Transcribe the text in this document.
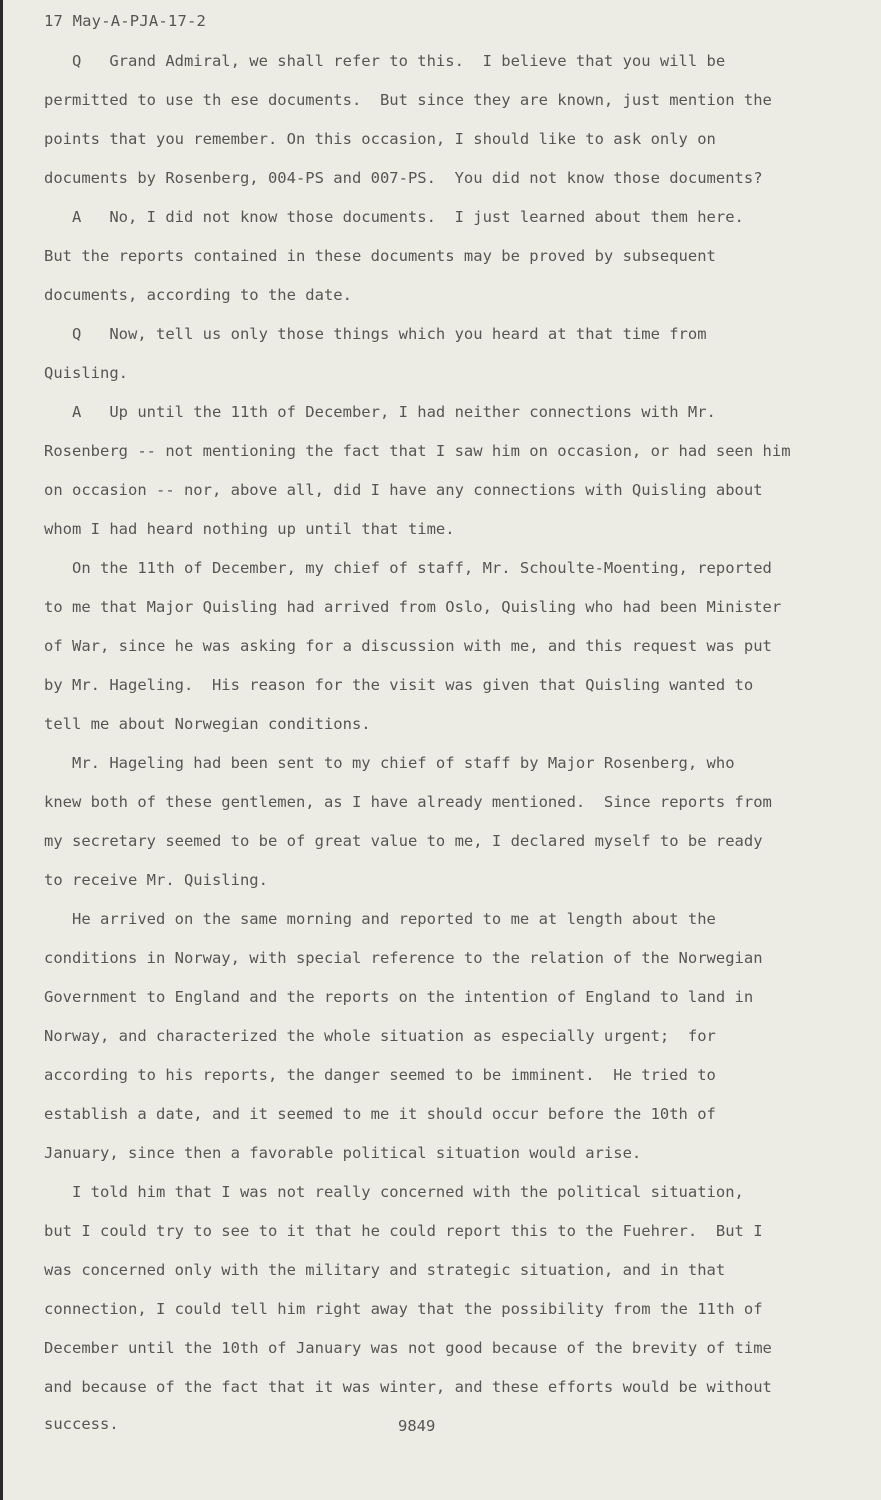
17 May-A-PJA-17-2
Q   Grand Admiral, we shall refer to this.  I believe that you will be
permitted to use th ese documents.  But since they are known, just mention the
points that you remember. On this occasion, I should like to ask only on
documents by Rosenberg, 004-PS and 007-PS.  You did not know those documents?
A   No, I did not know those documents.  I just learned about them here.
But the reports contained in these documents may be proved by subsequent
documents, according to the date.
Q   Now, tell us only those things which you heard at that time from
Quisling.
A   Up until the 11th of December, I had neither connections with Mr.
Rosenberg -- not mentioning the fact that I saw him on occasion, or had seen him
on occasion -- nor, above all, did I have any connections with Quisling about
whom I had heard nothing up until that time.
On the 11th of December, my chief of staff, Mr. Schoulte-Moenting, reported
to me that Major Quisling had arrived from Oslo, Quisling who had been Minister
of War, since he was asking for a discussion with me, and this request was put
by Mr. Hageling.  His reason for the visit was given that Quisling wanted to
tell me about Norwegian conditions.
Mr. Hageling had been sent to my chief of staff by Major Rosenberg, who
knew both of these gentlemen, as I have already mentioned.  Since reports from
my secretary seemed to be of great value to me, I declared myself to be ready
to receive Mr. Quisling.
He arrived on the same morning and reported to me at length about the
conditions in Norway, with special reference to the relation of the Norwegian
Government to England and the reports on the intention of England to land in
Norway, and characterized the whole situation as especially urgent;  for
according to his reports, the danger seemed to be imminent.  He tried to
establish a date, and it seemed to me it should occur before the 10th of
January, since then a favorable political situation would arise.
I told him that I was not really concerned with the political situation,
but I could try to see to it that he could report this to the Fuehrer.  But I
was concerned only with the military and strategic situation, and in that
connection, I could tell him right away that the possibility from the 11th of
December until the 10th of January was not good because of the brevity of time
and because of the fact that it was winter, and these efforts would be without
success.	9849
